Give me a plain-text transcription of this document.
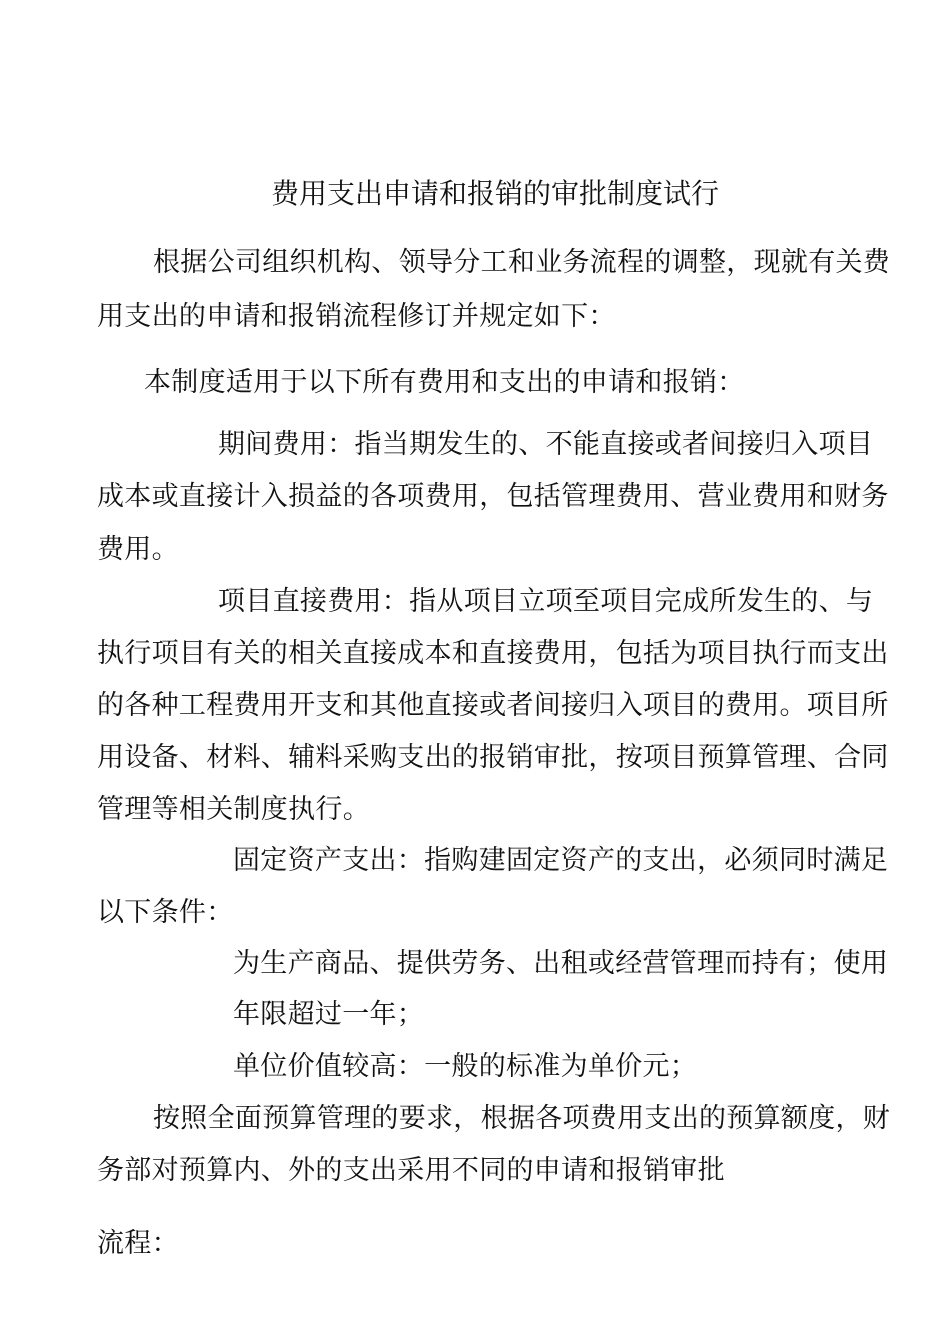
费用支出申请和报销的审批制度试行
根据公司组织机构、领导分工和业务流程的调整，现就有关费
用支出的申请和报销流程修订并规定如下：
本制度适用于以下所有费用和支出的申请和报销：
期间费用：指当期发生的、不能直接或者间接归入项目
成本或直接计入损益的各项费用，包括管理费用、营业费用和财务
费用。
项目直接费用：指从项目立项至项目完成所发生的、与
执行项目有关的相关直接成本和直接费用，包括为项目执行而支出
的各种工程费用开支和其他直接或者间接归入项目的费用。项目所
用设备、材料、辅料采购支出的报销审批，按项目预算管理、合同
管理等相关制度执行。
固定资产支出：指购建固定资产的支出，必须同时满足
以下条件：
为生产商品、提供劳务、出租或经营管理而持有；使用
年限超过一年；
单位价值较高：一般的标准为单价元；
按照全面预算管理的要求，根据各项费用支出的预算额度，财
务部对预算内、外的支出采用不同的申请和报销审批
流程：
